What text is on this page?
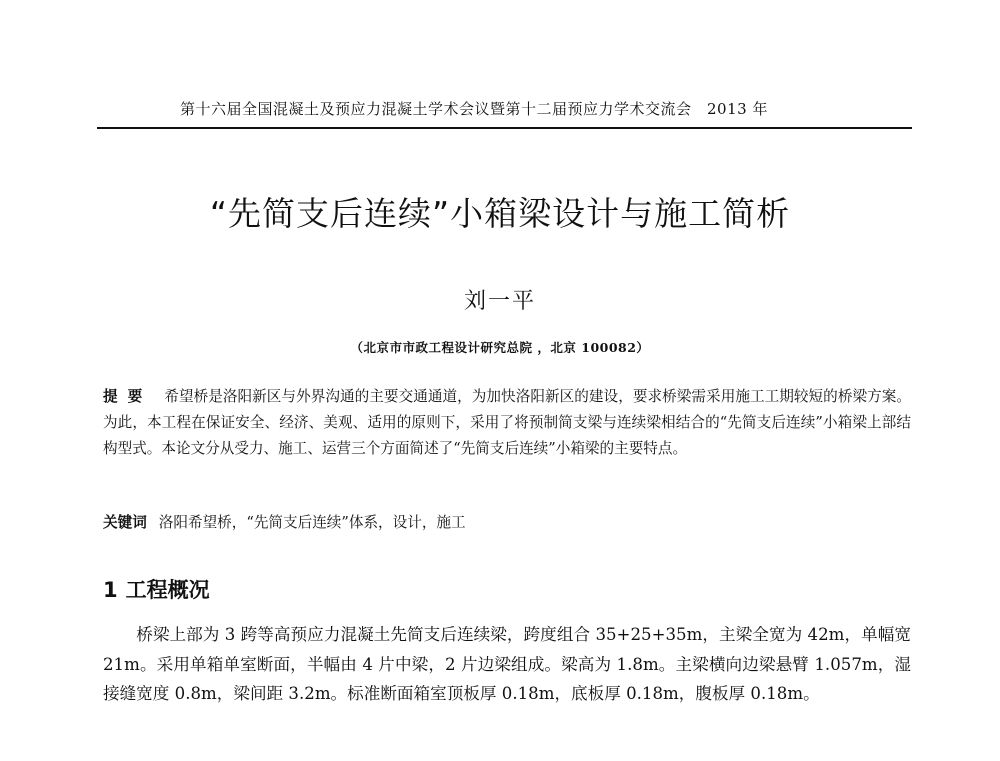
第十六届全国混凝土及预应力混凝土学术会议暨第十二届预应力学术交流会　2013 年
“先简支后连续”小箱梁设计与施工简析
刘一平
（北京市市政工程设计研究总院 ，北京 100082）
提要 希望桥是洛阳新区与外界沟通的主要交通通道，为加快洛阳新区的建设，要求桥梁需采用施工工期较短的桥梁方案。为此，本工程在保证安全、经济、美观、适用的原则下，采用了将预制简支梁与连续梁相结合的“先简支后连续”小箱梁上部结构型式。本论文分从受力、施工、运营三个方面简述了“先简支后连续”小箱梁的主要特点。
关键词 洛阳希望桥，“先简支后连续”体系，设计，施工
1 工程概况
桥梁上部为 3 跨等高预应力混凝土先简支后连续梁，跨度组合 35+25+35m，主梁全宽为 42m，单幅宽 21m。采用单箱单室断面，半幅由 4 片中梁，2 片边梁组成。梁高为 1.8m。主梁横向边梁悬臂 1.057m，湿接缝宽度 0.8m，梁间距 3.2m。标准断面箱室顶板厚 0.18m，底板厚 0.18m，腹板厚 0.18m。
